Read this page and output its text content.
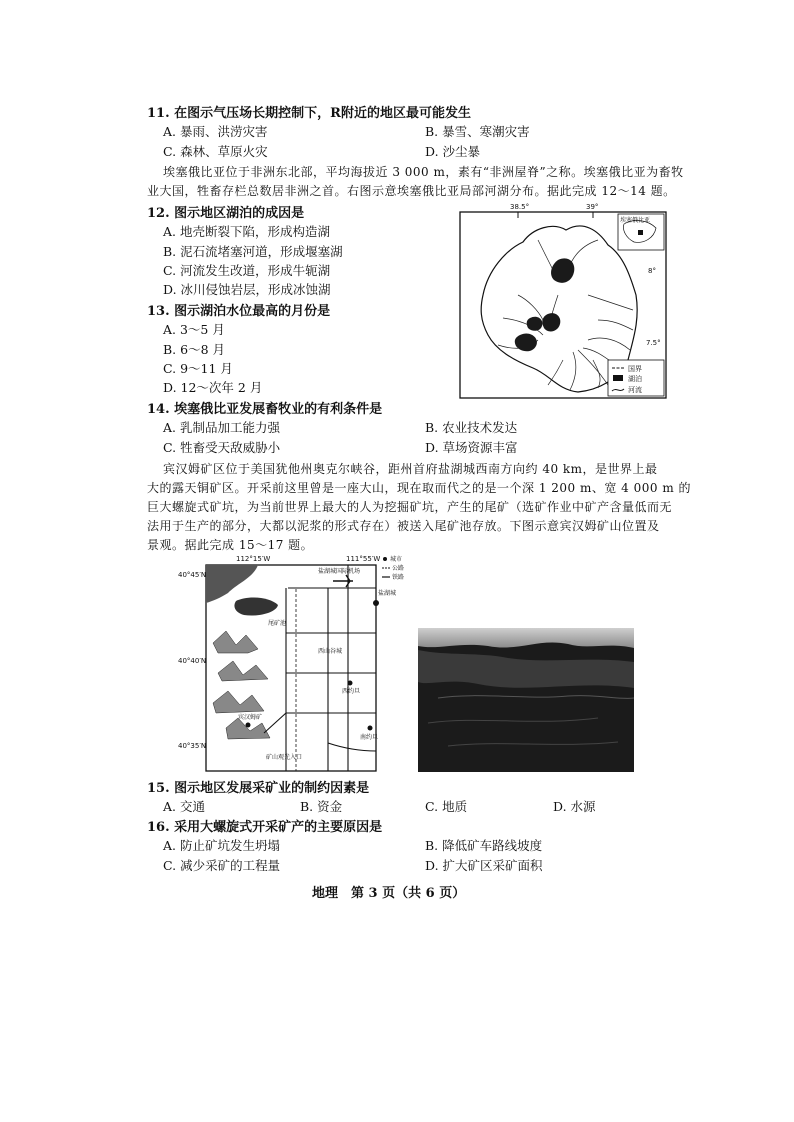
11. 在图示气压场长期控制下，R附近的地区最可能发生
A. 暴雨、洪涝灾害	B. 暴雪、寒潮灾害
C. 森林、草原火灾	D. 沙尘暴
埃塞俄比亚位于非洲东北部，平均海拔近 3 000 m，素有“非洲屋脊”之称。埃塞俄比亚为畜牧
业大国，牲畜存栏总数居非洲之首。右图示意埃塞俄比亚局部河湖分布。据此完成 12～14 题。
12. 图示地区湖泊的成因是
A. 地壳断裂下陷，形成构造湖
B. 泥石流堵塞河道，形成堰塞湖
C. 河流发生改道，形成牛轭湖
D. 冰川侵蚀岩层，形成冰蚀湖
13. 图示湖泊水位最高的月份是
A. 3～5 月
B. 6～8 月
C. 9～11 月
D. 12～次年 2 月
38.5°	39°
8°
7.5°
埃塞俄比亚
国界
湖泊
河流
14. 埃塞俄比亚发展畜牧业的有利条件是
A. 乳制品加工能力强	B. 农业技术发达
C. 牲畜受天敌威胁小	D. 草场资源丰富
宾汉姆矿区位于美国犹他州奥克尔峡谷，距州首府盐湖城西南方向约 40 km，是世界上最
大的露天铜矿区。开采前这里曾是一座大山，现在取而代之的是一个深 1 200 m、宽 4 000 m 的
巨大螺旋式矿坑，为当前世界上最大的人为挖掘矿坑，产生的尾矿（选矿作业中矿产含量低而无
法用于生产的部分，大都以泥浆的形式存在）被送入尾矿池存放。下图示意宾汉姆矿山位置及
景观。据此完成 15～17 题。
112°15′W	111°55′W
40°45′N
40°40′N
40°35′N
盐湖城国际机场
盐湖城
尾矿池
西山谷城
西约旦
南约旦
宾汉姆矿
矿山观光入口
城市
公路
铁路
15. 图示地区发展采矿业的制约因素是
A. 交通	B. 资金	C. 地质	D. 水源
16. 采用大螺旋式开采矿产的主要原因是
A. 防止矿坑发生坍塌	B. 降低矿车路线坡度
C. 减少采矿的工程量	D. 扩大矿区采矿面积
地理　第 3 页（共 6 页）
